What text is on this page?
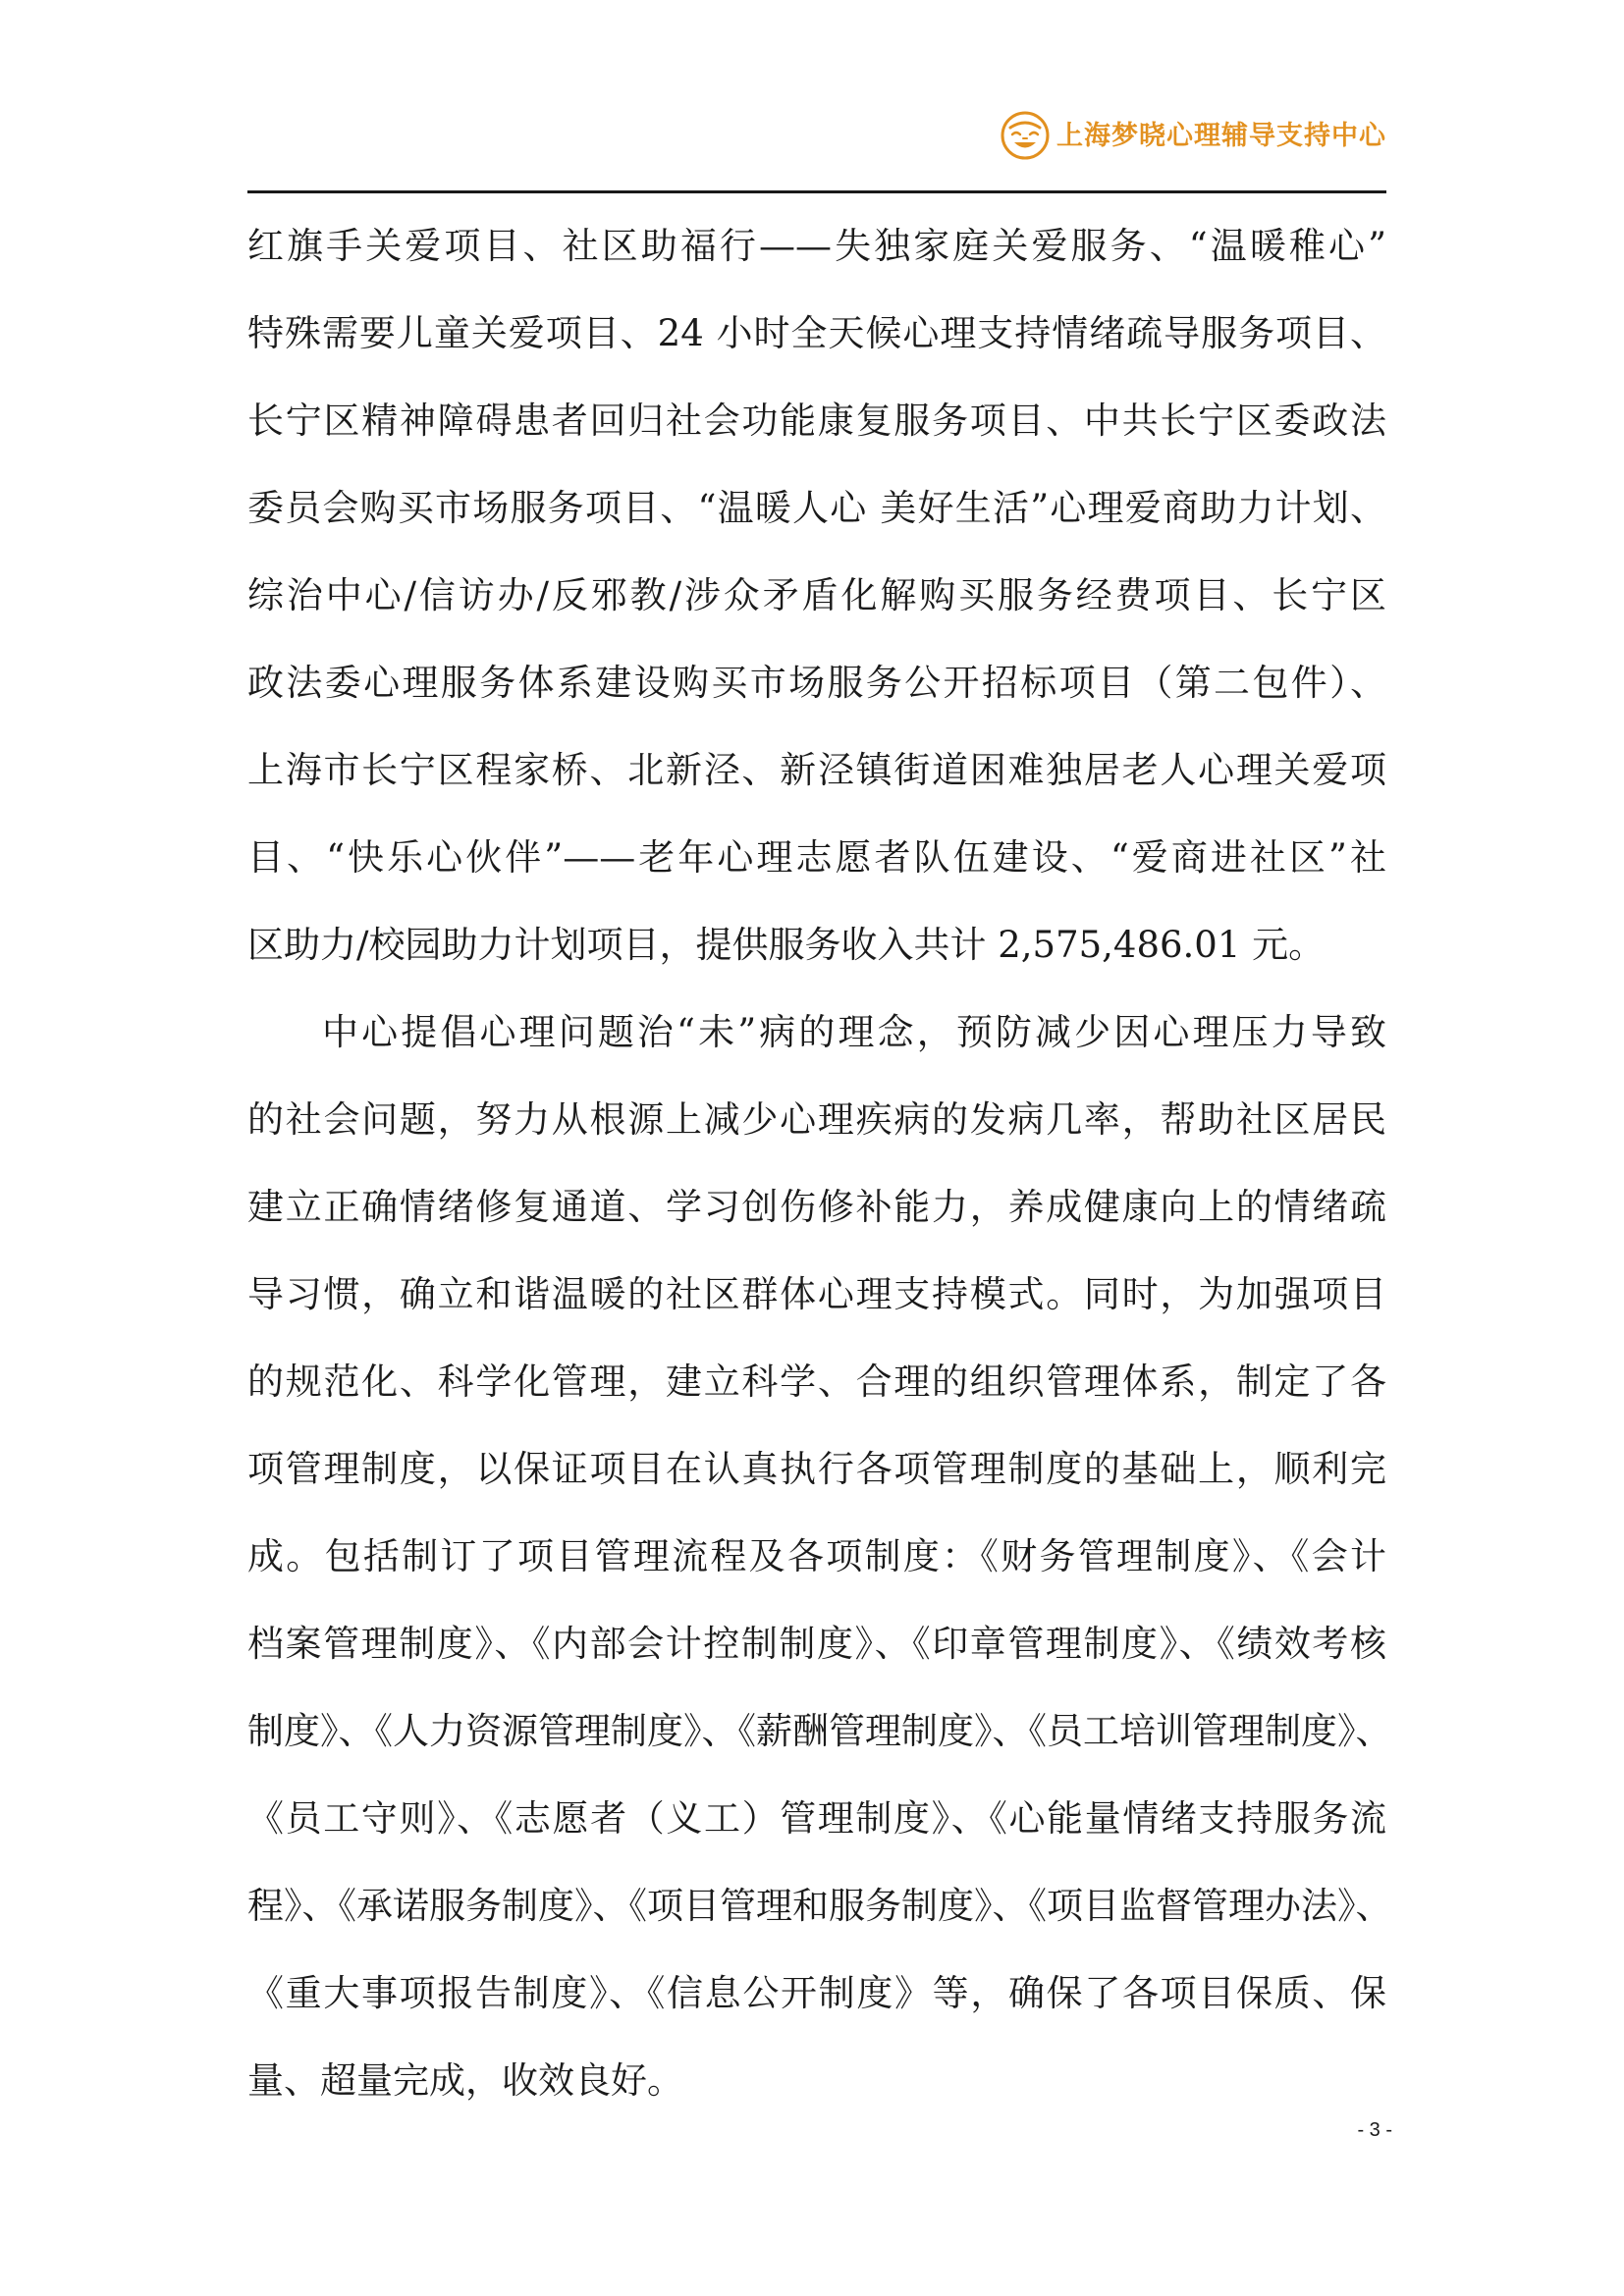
上海梦晓心理辅导支持中心
红旗手关爱项目、社区助福行——失独家庭关爱服务、“温暖稚心”
特殊需要儿童关爱项目、24 小时全天候心理支持情绪疏导服务项目、
长宁区精神障碍患者回归社会功能康复服务项目、中共长宁区委政法
委员会购买市场服务项目、“温暖人心 美好生活”心理爱商助力计划、
综治中心/信访办/反邪教/涉众矛盾化解购买服务经费项目、长宁区
政法委心理服务体系建设购买市场服务公开招标项目（第二包件）、
上海市长宁区程家桥、北新泾、新泾镇街道困难独居老人心理关爱项
目、“快乐心伙伴”——老年心理志愿者队伍建设、“爱商进社区”社
区助力/校园助力计划项目，提供服务收入共计 2,575,486.01 元。
中心提倡心理问题治“未”病的理念，预防减少因心理压力导致
的社会问题，努力从根源上减少心理疾病的发病几率，帮助社区居民
建立正确情绪修复通道、学习创伤修补能力，养成健康向上的情绪疏
导习惯，确立和谐温暖的社区群体心理支持模式。同时，为加强项目
的规范化、科学化管理，建立科学、合理的组织管理体系，制定了各
项管理制度，以保证项目在认真执行各项管理制度的基础上，顺利完
成。包括制订了项目管理流程及各项制度：《财务管理制度》、《会计
档案管理制度》、《内部会计控制制度》、《印章管理制度》、《绩效考核
制度》、《人力资源管理制度》、《薪酬管理制度》、《员工培训管理制度》、
《员工守则》、《志愿者（义工）管理制度》、《心能量情绪支持服务流
程》、《承诺服务制度》、《项目管理和服务制度》、《项目监督管理办法》、
《重大事项报告制度》、《信息公开制度》等，确保了各项目保质、保
量、超量完成，收效良好。
- 3 -
